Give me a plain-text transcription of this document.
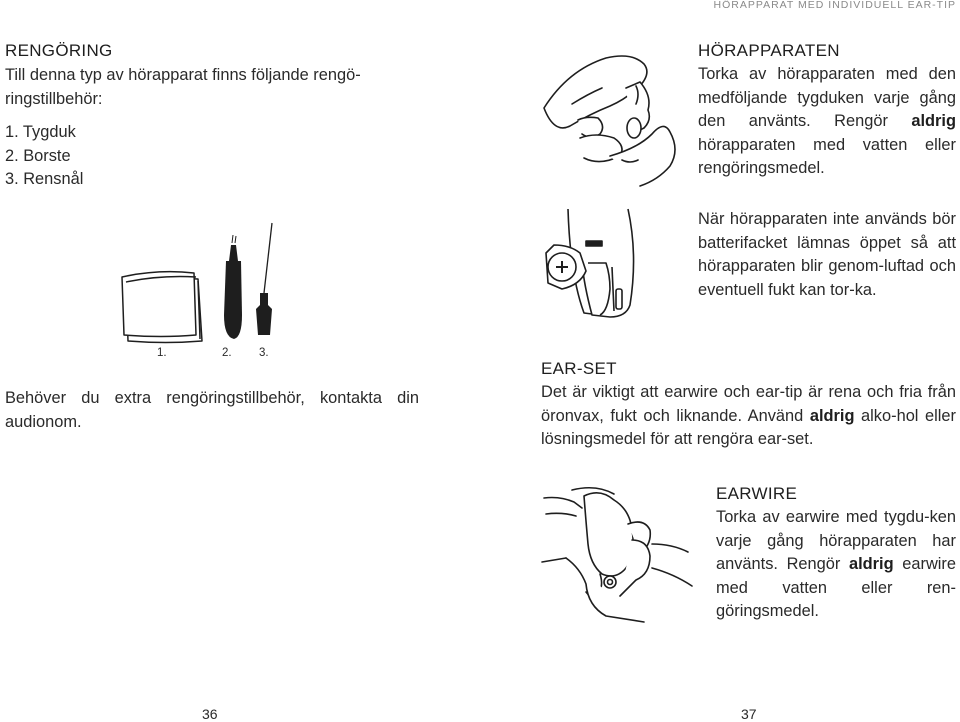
HÖRAPPARAT MED INDIVIDUELL EAR-TIP
RENGÖRING
Till denna typ av hörapparat finns följande rengö-ringstillbehör:
1. Tygduk
2. Borste
3. Rensnål
1.	2. 3.
Behöver du extra rengöringstillbehör, kontakta din audionom.
HÖRAPPARATEN
Torka av hörapparaten med den medföljande tygduken varje gång den använts. Rengör aldrig hörapparaten med vatten eller rengöringsmedel.
När hörapparaten inte används bör batterifacket lämnas öppet så att hörapparaten blir genom-luftad och eventuell fukt kan tor-ka.
EAR-SET
Det är viktigt att earwire och ear-tip är rena och fria från öronvax, fukt och liknande. Använd aldrig alko-hol eller lösningsmedel för att rengöra ear-set.
EARWIRE
Torka av earwire med tygdu-ken varje gång hörapparaten har använts. Rengör aldrig earwire med vatten eller ren-göringsmedel.
36	37
